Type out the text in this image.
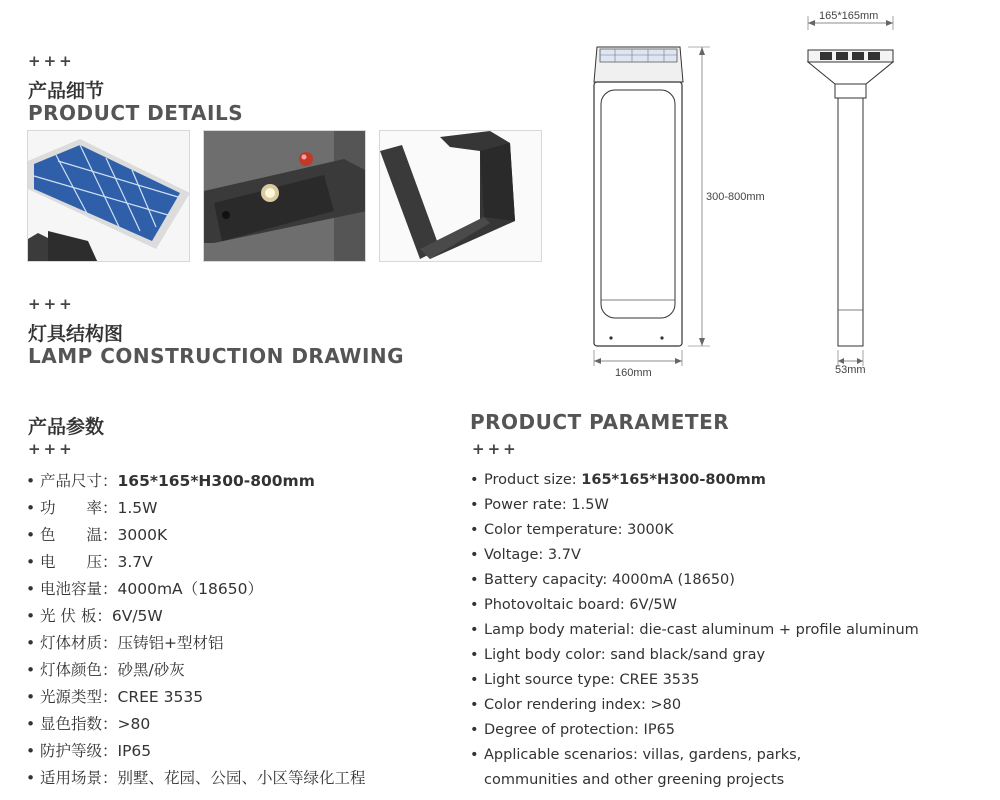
+++
产品细节
PRODUCT DETAILS
+++
灯具结构图
LAMP CONSTRUCTION DRAWING
165*165mm
300-800mm
160mm	53mm
产品参数
+++
• 产品尺寸：165*165*H300-800mm
• 功　　率：1.5W
• 色　　温：3000K
• 电　　压：3.7V
• 电池容量：4000mA（18650）
• 光 伏 板：6V/5W
• 灯体材质：压铸铝+型材铝
• 灯体颜色：砂黑/砂灰
• 光源类型：CREE 3535
• 显色指数：>80
• 防护等级：IP65
• 适用场景：别墅、花园、公园、小区等绿化工程
PRODUCT PARAMETER
+++
• Product size: 165*165*H300-800mm
• Power rate: 1.5W
• Color temperature: 3000K
• Voltage: 3.7V
• Battery capacity: 4000mA (18650)
• Photovoltaic board: 6V/5W
• Lamp body material: die-cast aluminum + profile aluminum
• Light body color: sand black/sand gray
• Light source type: CREE 3535
• Color rendering index: >80
• Degree of protection: IP65
• Applicable scenarios: villas, gardens, parks,
communities and other greening projects
